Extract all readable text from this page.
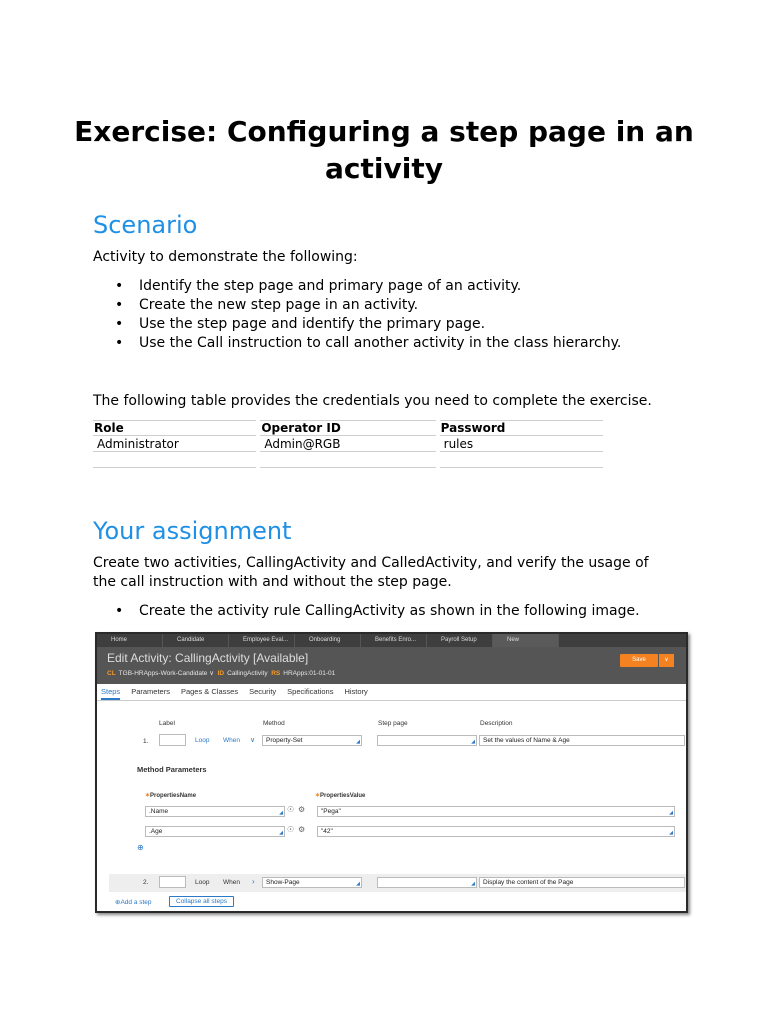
Exercise: Configuring a step page in an activity
Scenario

Activity to demonstrate the following:

• Identify the step page and primary page of an activity.
• Create the new step page in an activity.
• Use the step page and identify the primary page.
• Use the Call instruction to call another activity in the class hierarchy.

The following table provides the credentials you need to complete the exercise.

Role	Operator ID	Password
Administrator	Admin@RGB	rules
Your assignment

Create two activities, CallingActivity and CalledActivity, and verify the usage of the call instruction with and without the step page.

• Create the activity rule CallingActivity as shown in the following image.
Home	Candidate	Employee Eval...	Onboarding	Benefits Enro...	Payroll Setup	New
Edit Activity: CallingActivity [Available]
CL TGB-HRApps-Work-Candidate ∨ ID CallingActivity RS HRApps:01-01-01
Save	∨
Steps Parameters Pages & Classes Security Specifications History
Label	Method	Step page	Description
1.	Loop When ∨	Property-Set	◢	◢	Set the values of Name & Age
Method Parameters
✶PropertiesName	✶PropertiesValue
.Name	◢ ☉ ⚙	"Pega"	◢
.Age	◢ ☉ ⚙	"42"	◢
⊕
2.	Loop When ›	Show-Page	◢	◢	Display the content of the Page
⊕Add a step	Collapse all steps
